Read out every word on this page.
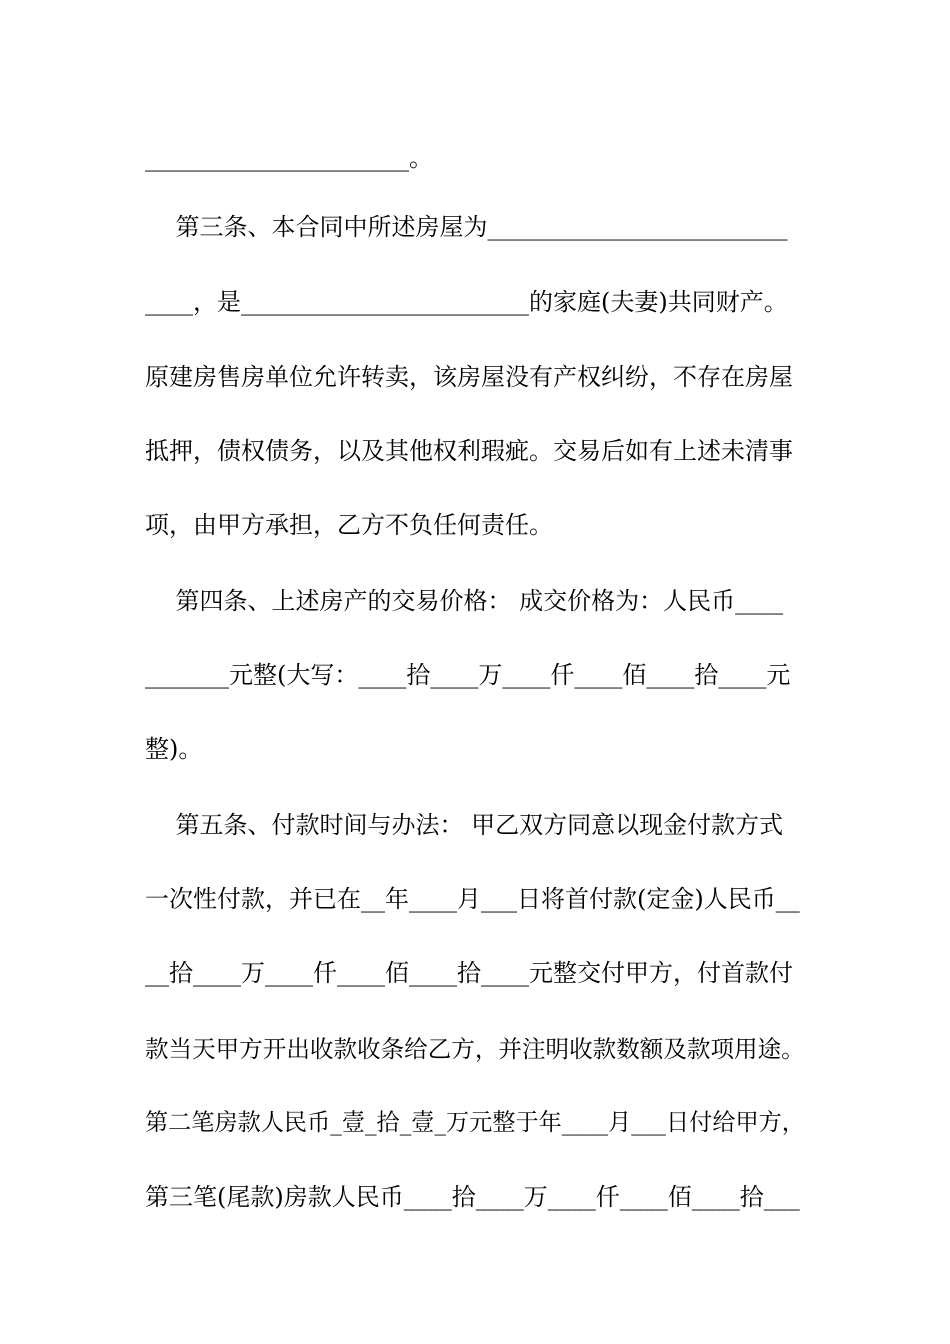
______________________。
第三条、本合同中所述房屋为_________________________
____，是________________________的家庭(夫妻)共同财产。
原建房售房单位允许转卖，该房屋没有产权纠纷，不存在房屋
抵押，债权债务，以及其他权利瑕疵。交易后如有上述未清事
项，由甲方承担，乙方不负任何责任。
第四条、上述房产的交易价格： 成交价格为：人民币____
_______元整(大写：____拾____万____仟____佰____拾____元
整)。
第五条、付款时间与办法： 甲乙双方同意以现金付款方式
一次性付款，并已在__年____月___日将首付款(定金)人民币__
__拾____万____仟____佰____拾____元整交付甲方，付首款付
款当天甲方开出收款收条给乙方，并注明收款数额及款项用途。
第二笔房款人民币_壹_拾_壹_万元整于年____月___日付给甲方，
第三笔(尾款)房款人民币____拾____万____仟____佰____拾___
